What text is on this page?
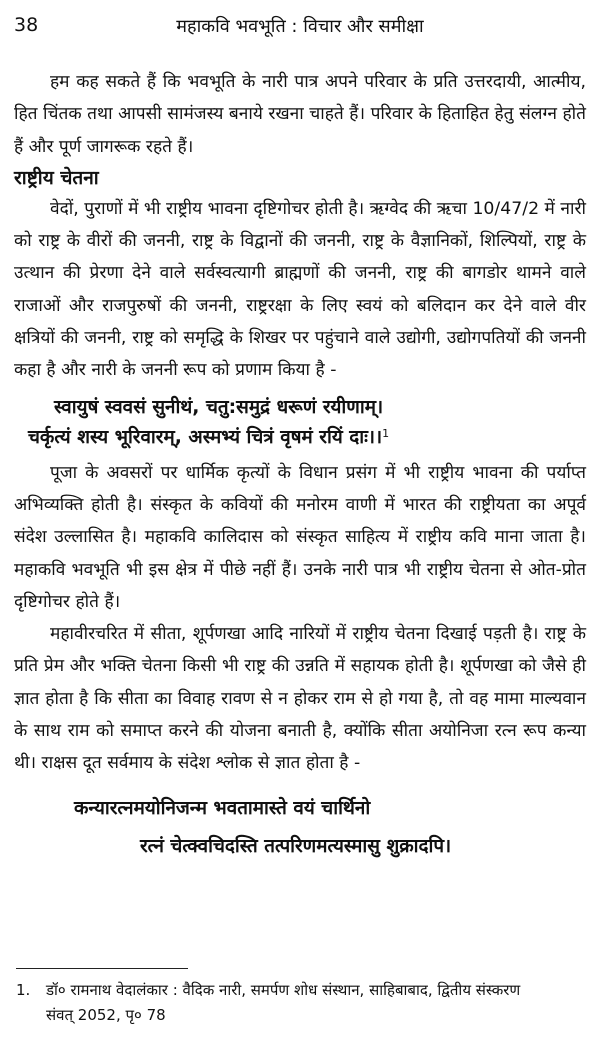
38	महाकवि भवभूति : विचार और समीक्षा

हम कह सकते हैं कि भवभूति के नारी पात्र अपने परिवार के प्रति उत्तरदायी, आत्मीय, हित चिंतक तथा आपसी सामंजस्य बनाये रखना चाहते हैं। परिवार के हिताहित हेतु संलग्न होते हैं और पूर्ण जागरूक रहते हैं।

राष्ट्रीय चेतना

वेदों, पुराणों में भी राष्ट्रीय भावना दृष्टिगोचर होती है। ऋग्वेद की ऋचा 10/47/2 में नारी को राष्ट्र के वीरों की जननी, राष्ट्र के विद्वानों की जननी, राष्ट्र के वैज्ञानिकों, शिल्पियों, राष्ट्र के उत्थान की प्रेरणा देने वाले सर्वस्वत्यागी ब्राह्मणों की जननी, राष्ट्र की बागडोर थामने वाले राजाओं और राजपुरुषों की जननी, राष्ट्ररक्षा के लिए स्वयं को बलिदान कर देने वाले वीर क्षत्रियों की जननी, राष्ट्र को समृद्धि के शिखर पर पहुंचाने वाले उद्योगी, उद्योगपतियों की जननी कहा है और नारी के जननी रूप को प्रणाम किया है -

स्वायुषं स्ववसं सुनीथं, चतु:समुद्रं धरूणं रयीणाम्।
चर्कृत्यं शस्य भूरिवारम्, अस्मभ्यं चित्रं वृषमं रयिं दाः।।$^1$

पूजा के अवसरों पर धार्मिक कृत्यों के विधान प्रसंग में भी राष्ट्रीय भावना की पर्याप्त अभिव्यक्ति होती है। संस्कृत के कवियों की मनोरम वाणी में भारत की राष्ट्रीयता का अपूर्व संदेश उल्लासित है। महाकवि कालिदास को संस्कृत साहित्य में राष्ट्रीय कवि माना जाता है। महाकवि भवभूति भी इस क्षेत्र में पीछे नहीं हैं। उनके नारी पात्र भी राष्ट्रीय चेतना से ओत-प्रोत दृष्टिगोचर होते हैं।

महावीरचरित में सीता, शूर्पणखा आदि नारियों में राष्ट्रीय चेतना दिखाई पड़ती है। राष्ट्र के प्रति प्रेम और भक्ति चेतना किसी भी राष्ट्र की उन्नति में सहायक होती है। शूर्पणखा को जैसे ही ज्ञात होता है कि सीता का विवाह रावण से न होकर राम से हो गया है, तो वह मामा माल्यवान के साथ राम को समाप्त करने की योजना बनाती है, क्योंकि सीता अयोनिजा रत्न रूप कन्या थी। राक्षस दूत सर्वमाय के संदेश श्लोक से ज्ञात होता है -

कन्यारत्नमयोनिजन्म भवतामास्ते वयं चार्थिनो
रत्नं चेत्क्वचिदस्ति तत्परिणमत्यस्मासु शुक्रादपि।
1. डॉ० रामनाथ वेदालंकार : वैदिक नारी, समर्पण शोध संस्थान, साहिबाबाद, द्वितीय संस्करण
संवत् 2052, पृ० 78
